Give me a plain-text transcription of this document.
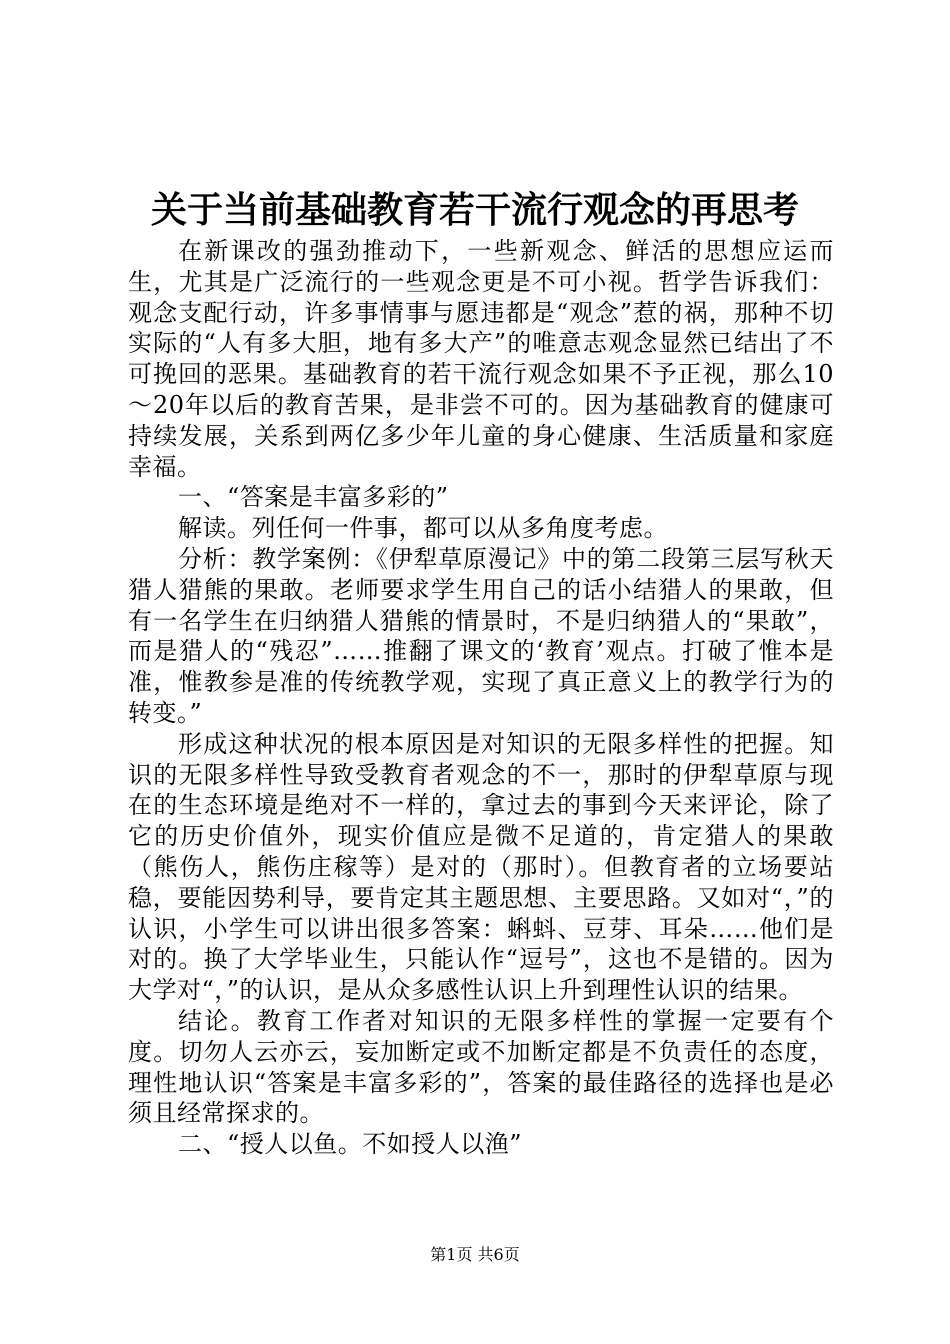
关于当前基础教育若干流行观念的再思考

在新课改的强劲推动下，一些新观念、鲜活的思想应运而生，尤其是广泛流行的一些观念更是不可小视。哲学告诉我们：观念支配行动，许多事情事与愿违都是“观念”惹的祸，那种不切实际的“人有多大胆，地有多大产”的唯意志观念显然已结出了不可挽回的恶果。基础教育的若干流行观念如果不予正视，那么10～20年以后的教育苦果，是非尝不可的。因为基础教育的健康可持续发展，关系到两亿多少年儿童的身心健康、生活质量和家庭幸福。

一、“答案是丰富多彩的”

解读。列任何一件事，都可以从多角度考虑。

分析：教学案例：《伊犁草原漫记》中的第二段第三层写秋天猎人猎熊的果敢。老师要求学生用自己的话小结猎人的果敢，但有一名学生在归纳猎人猎熊的情景时，不是归纳猎人的“果敢”，而是猎人的“残忍”……推翻了课文的‘教育’观点。打破了惟本是准，惟教参是准的传统教学观，实现了真正意义上的教学行为的转变。”

形成这种状况的根本原因是对知识的无限多样性的把握。知识的无限多样性导致受教育者观念的不一，那时的伊犁草原与现在的生态环境是绝对不一样的，拿过去的事到今天来评论，除了它的历史价值外，现实价值应是微不足道的，肯定猎人的果敢（熊伤人，熊伤庄稼等）是对的（那时）。但教育者的立场要站稳，要能因势利导，要肯定其主题思想、主要思路。又如对“，”的认识，小学生可以讲出很多答案：蝌蚪、豆芽、耳朵……他们是对的。换了大学毕业生，只能认作“逗号”，这也不是错的。因为大学对“，”的认识，是从众多感性认识上升到理性认识的结果。

结论。教育工作者对知识的无限多样性的掌握一定要有个度。切勿人云亦云，妄加断定或不加断定都是不负责任的态度，理性地认识“答案是丰富多彩的”，答案的最佳路径的选择也是必须且经常探求的。

二、“授人以鱼。不如授人以渔”

第1页 共6页
